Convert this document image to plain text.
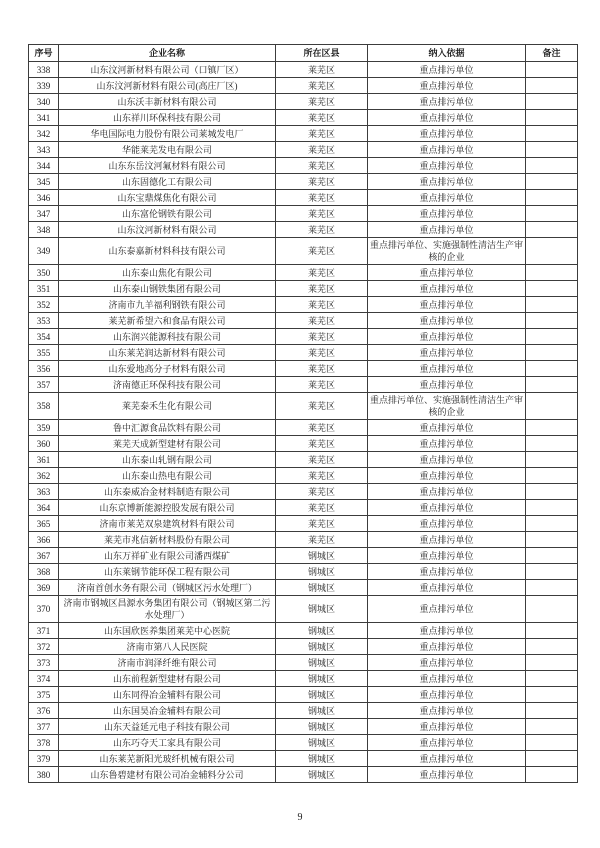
序号	企业名称	所在区县	纳入依据	备注
338	山东汶河新材料有限公司（口镇厂区）	莱芜区	重点排污单位	
339	山东汶河新材料有限公司(高庄厂区)	莱芜区	重点排污单位	
340	山东沃丰新材料有限公司	莱芜区	重点排污单位	
341	山东祥川环保科技有限公司	莱芜区	重点排污单位	
342	华电国际电力股份有限公司莱城发电厂	莱芜区	重点排污单位	
343	华能莱芜发电有限公司	莱芜区	重点排污单位	
344	山东东岳汶河氟材料有限公司	莱芜区	重点排污单位	
345	山东固德化工有限公司	莱芜区	重点排污单位	
346	山东宝鼎煤焦化有限公司	莱芜区	重点排污单位	
347	山东富伦钢铁有限公司	莱芜区	重点排污单位	
348	山东汶河新材料有限公司	莱芜区	重点排污单位	
349	山东泰嘉新材料科技有限公司	莱芜区	重点排污单位、实施强制性清洁生产审核的企业	
350	山东泰山焦化有限公司	莱芜区	重点排污单位	
351	山东泰山钢铁集团有限公司	莱芜区	重点排污单位	
352	济南市九羊福利钢铁有限公司	莱芜区	重点排污单位	
353	莱芜新希望六和食品有限公司	莱芜区	重点排污单位	
354	山东润兴能源科技有限公司	莱芜区	重点排污单位	
355	山东莱芜润达新材料有限公司	莱芜区	重点排污单位	
356	山东爱地高分子材料有限公司	莱芜区	重点排污单位	
357	济南德正环保科技有限公司	莱芜区	重点排污单位	
358	莱芜泰禾生化有限公司	莱芜区	重点排污单位、实施强制性清洁生产审核的企业	
359	鲁中汇源食品饮料有限公司	莱芜区	重点排污单位	
360	莱芜天成新型建材有限公司	莱芜区	重点排污单位	
361	山东泰山轧钢有限公司	莱芜区	重点排污单位	
362	山东泰山热电有限公司	莱芜区	重点排污单位	
363	山东泰威冶金材料制造有限公司	莱芜区	重点排污单位	
364	山东京博新能源控股发展有限公司	莱芜区	重点排污单位	
365	济南市莱芜双泉建筑材料有限公司	莱芜区	重点排污单位	
366	莱芜市兆信新材料股份有限公司	莱芜区	重点排污单位	
367	山东万祥矿业有限公司潘西煤矿	钢城区	重点排污单位	
368	山东莱钢节能环保工程有限公司	钢城区	重点排污单位	
369	济南首创水务有限公司（钢城区污水处理厂）	钢城区	重点排污单位	
370	济南市钢城区昌源水务集团有限公司（钢城区第二污水处理厂）	钢城区	重点排污单位	
371	山东国欣医养集团莱芜中心医院	钢城区	重点排污单位	
372	济南市第八人民医院	钢城区	重点排污单位	
373	济南市润泽纤维有限公司	钢城区	重点排污单位	
374	山东前程新型建材有限公司	钢城区	重点排污单位	
375	山东同得冶金辅料有限公司	钢城区	重点排污单位	
376	山东国昊冶金辅料有限公司	钢城区	重点排污单位	
377	山东天益延元电子科技有限公司	钢城区	重点排污单位	
378	山东巧夺天工家具有限公司	钢城区	重点排污单位	
379	山东莱芜新阳光玻纤机械有限公司	钢城区	重点排污单位	
380	山东鲁碧建材有限公司冶金辅料分公司	钢城区	重点排污单位	
9
